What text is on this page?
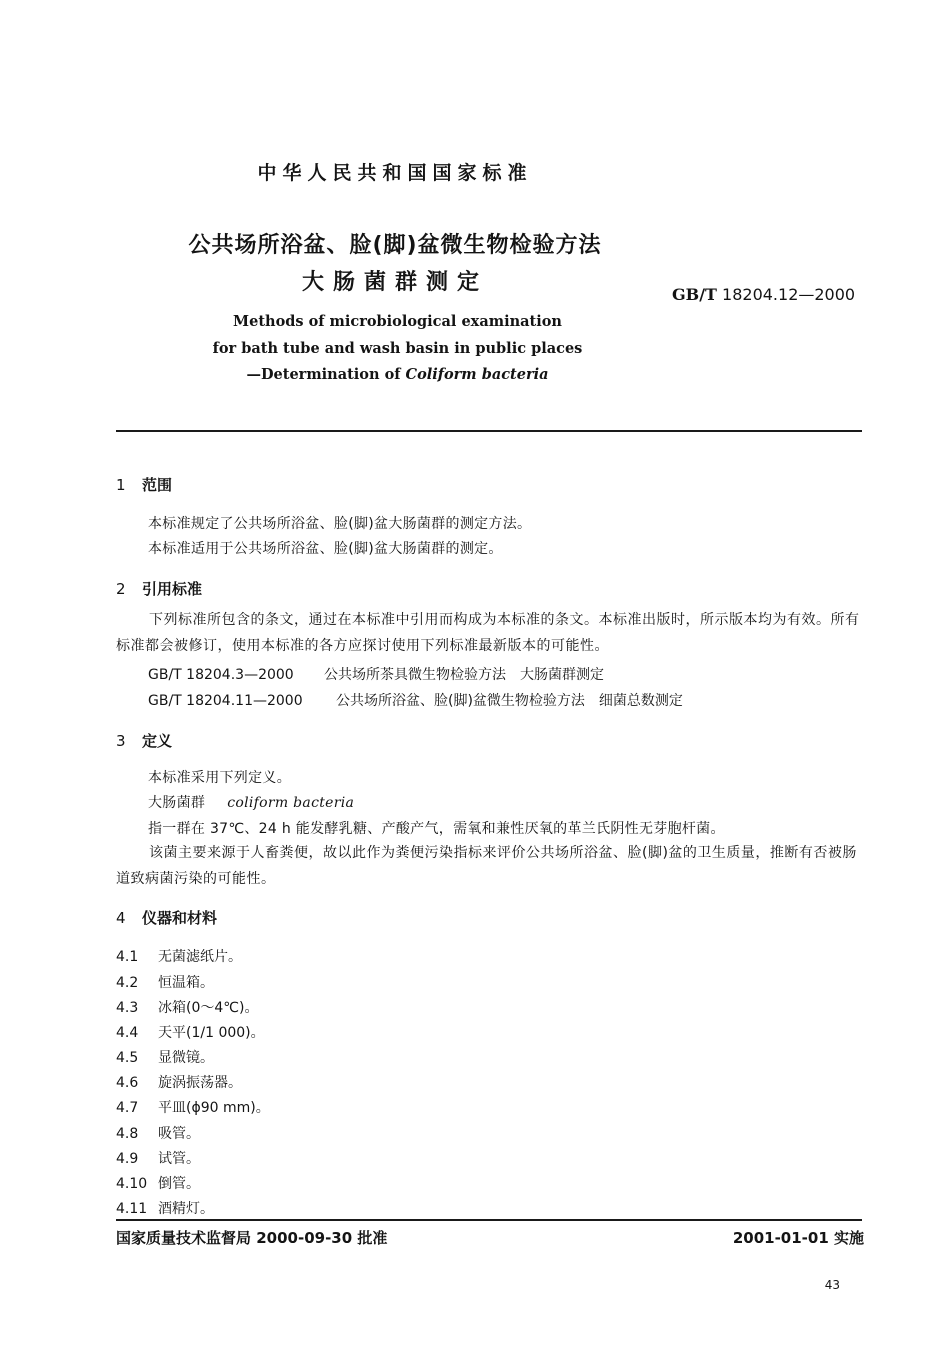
中华人民共和国国家标准
公共场所浴盆、脸(脚)盆微生物检验方法
大肠菌群测定	GB/T 18204.12—2000
Methods of microbiological examination
for bath tube and wash basin in public places
—Determination of Coliform bacteria
1 范围
本标准规定了公共场所浴盆、脸(脚)盆大肠菌群的测定方法。
本标准适用于公共场所浴盆、脸(脚)盆大肠菌群的测定。
2 引用标准
下列标准所包含的条文，通过在本标准中引用而构成为本标准的条文。本标准出版时，所示版本均为有效。所有标准都会被修订，使用本标准的各方应探讨使用下列标准最新版本的可能性。
GB/T 18204.3—2000 公共场所茶具微生物检验方法　大肠菌群测定
GB/T 18204.11—2000 公共场所浴盆、脸(脚)盆微生物检验方法　细菌总数测定
3 定义
本标准采用下列定义。
大肠菌群 coliform bacteria
指一群在 37℃、24 h 能发酵乳糖、产酸产气，需氧和兼性厌氧的革兰氏阴性无芽胞杆菌。
该菌主要来源于人畜粪便，故以此作为粪便污染指标来评价公共场所浴盆、脸(脚)盆的卫生质量，推断有否被肠道致病菌污染的可能性。
4 仪器和材料
4.1 无菌滤纸片。
4.2 恒温箱。
4.3 冰箱(0～4℃)。
4.4 天平(1/1 000)。
4.5 显微镜。
4.6 旋涡振荡器。
4.7 平皿(ϕ90 mm)。
4.8 吸管。
4.9 试管。
4.10 倒管。
4.11 酒精灯。
国家质量技术监督局 2000-09-30 批准	2001-01-01 实施
43
